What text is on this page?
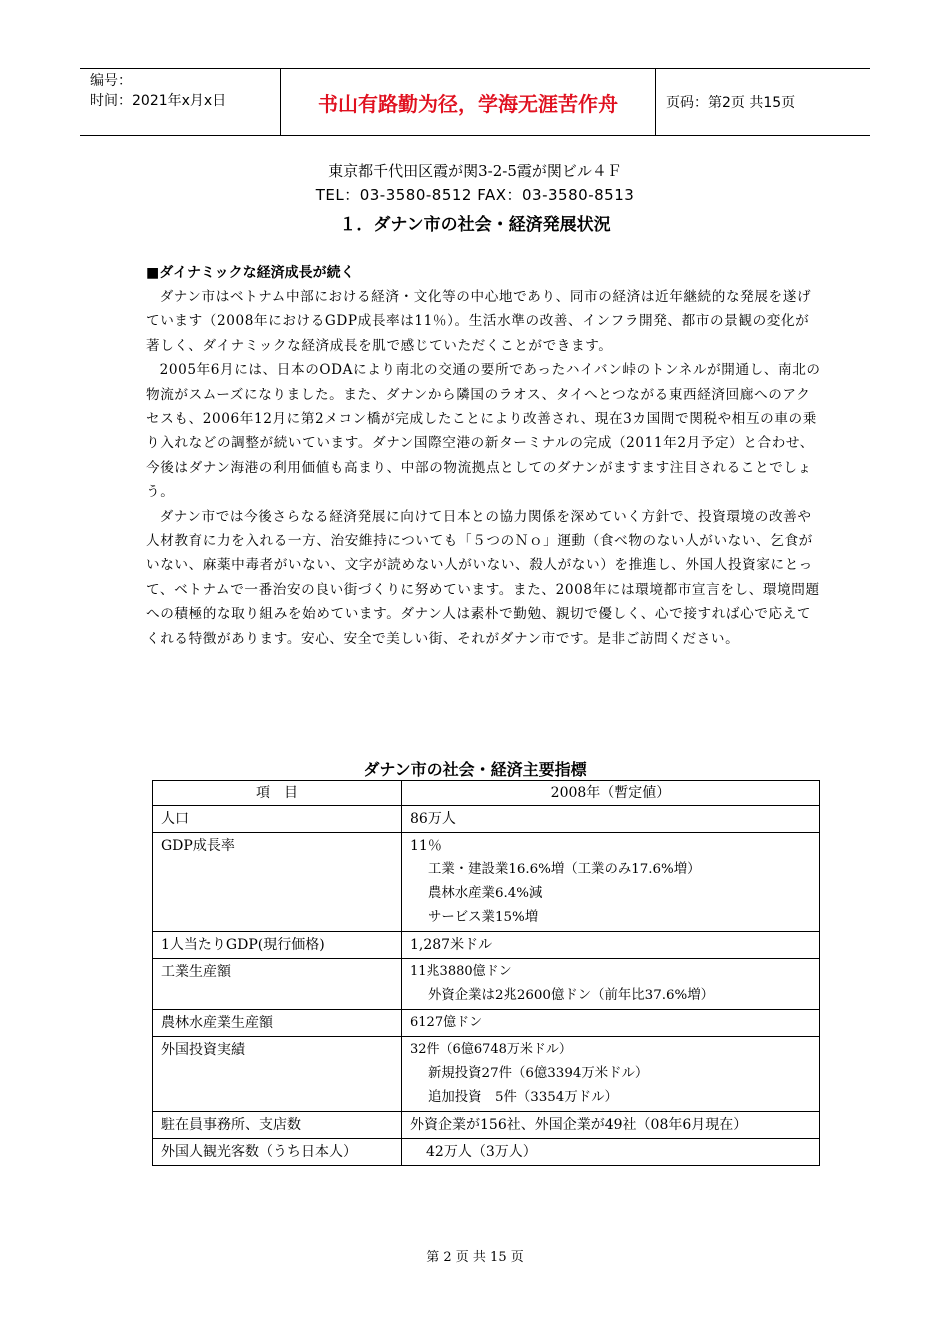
编号：
时间：2021年x月x日	书山有路勤为径，学海无涯苦作舟	页码：第2页 共15页
東京都千代田区霞が関3-2-5霞が関ビル４Ｆ
TEL：03-3580-8512 FAX：03-3580-8513
１．ダナン市の社会・経済発展状況
■ダイナミックな経済成長が続く

ダナン市はベトナム中部における経済・文化等の中心地であり、同市の経済は近年継続的な発展を遂げています（2008年におけるGDP成長率は11％）。生活水準の改善、インフラ開発、都市の景観の変化が著しく、ダイナミックな経済成長を肌で感じていただくことができます。

2005年6月には、日本のODAにより南北の交通の要所であったハイバン峠のトンネルが開通し、南北の物流がスムーズになりました。また、ダナンから隣国のラオス、タイへとつながる東西経済回廊へのアクセスも、2006年12月に第2メコン橋が完成したことにより改善され、現在3カ国間で関税や相互の車の乗り入れなどの調整が続いています。ダナン国際空港の新ターミナルの完成（2011年2月予定）と合わせ、今後はダナン海港の利用価値も高まり、中部の物流拠点としてのダナンがますます注目されることでしょう。

ダナン市では今後さらなる経済発展に向けて日本との協力関係を深めていく方針で、投資環境の改善や人材教育に力を入れる一方、治安維持についても「５つのＮｏ」運動（食べ物のない人がいない、乞食がいない、麻薬中毒者がいない、文字が読めない人がいない、殺人がない）を推進し、外国人投資家にとって、ベトナムで一番治安の良い街づくりに努めています。また、2008年には環境都市宣言をし、環境問題への積極的な取り組みを始めています。ダナン人は素朴で勤勉、親切で優しく、心で接すれば心で応えてくれる特徴があります。安心、安全で美しい街、それがダナン市です。是非ご訪問ください。

ダナン市の社会・経済主要指標
項　目	2008年（暫定値）
人口	86万人

GDP成長率	11％
工業・建設業16.6%増（工業のみ17.6%増）
農林水産業6.4%減
サービス業15%増

1人当たりGDP(現行価格)	1,287米ドル

工業生産額	11兆3880億ドン
外資企業は2兆2600億ドン（前年比37.6%増）

農林水産業生産額	6127億ドン

外国投資実績	32件（6億6748万米ドル）
新規投資27件（6億3394万米ドル）
追加投資　5件（3354万ドル）

駐在員事務所、支店数	外資企業が156社、外国企業が49社（08年6月現在）

外国人観光客数（うち日本人）	42万人（3万人）
第 2 页 共 15 页
